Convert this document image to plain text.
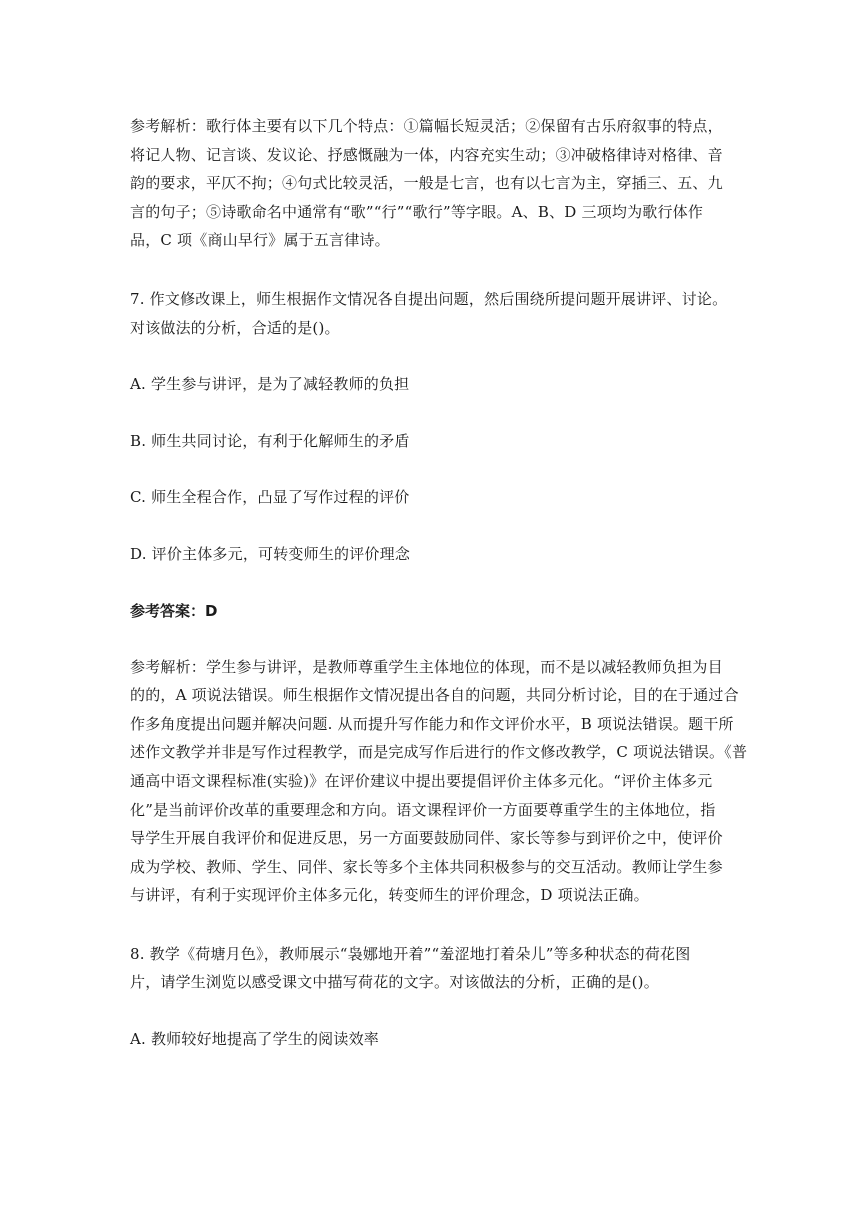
参考解析：歌行体主要有以下几个特点：①篇幅长短灵活；②保留有古乐府叙事的特点，
将记人物、记言谈、发议论、抒感慨融为一体，内容充实生动；③冲破格律诗对格律、音
韵的要求，平仄不拘；④句式比较灵活，一般是七言，也有以七言为主，穿插三、五、九
言的句子；⑤诗歌命名中通常有“歌”“行”“歌行”等字眼。A、B、D 三项均为歌行体作
品，C 项《商山早行》属于五言律诗。

7. 作文修改课上，师生根据作文情况各自提出问题，然后围绕所提问题开展讲评、讨论。
对该做法的分析，合适的是()。

A. 学生参与讲评，是为了减轻教师的负担

B. 师生共同讨论，有利于化解师生的矛盾

C. 师生全程合作，凸显了写作过程的评价

D. 评价主体多元，可转变师生的评价理念

参考答案：D

参考解析：学生参与讲评，是教师尊重学生主体地位的体现，而不是以减轻教师负担为目
的的，A 项说法错误。师生根据作文情况提出各自的问题，共同分析讨论，目的在于通过合
作多角度提出问题并解决问题. 从而提升写作能力和作文评价水平，B 项说法错误。题干所
述作文教学并非是写作过程教学，而是完成写作后进行的作文修改教学，C 项说法错误。《普
通高中语文课程标准(实验)》在评价建议中提出要提倡评价主体多元化。“评价主体多元
化”是当前评价改革的重要理念和方向。语文课程评价一方面要尊重学生的主体地位，指
导学生开展自我评价和促进反思，另一方面要鼓励同伴、家长等参与到评价之中，使评价
成为学校、教师、学生、同伴、家长等多个主体共同积极参与的交互活动。教师让学生参
与讲评，有利于实现评价主体多元化，转变师生的评价理念，D 项说法正确。

8. 教学《荷塘月色》，教师展示“袅娜地开着”“羞涩地打着朵儿”等多种状态的荷花图
片，请学生浏览以感受课文中描写荷花的文字。对该做法的分析，正确的是()。

A. 教师较好地提高了学生的阅读效率
